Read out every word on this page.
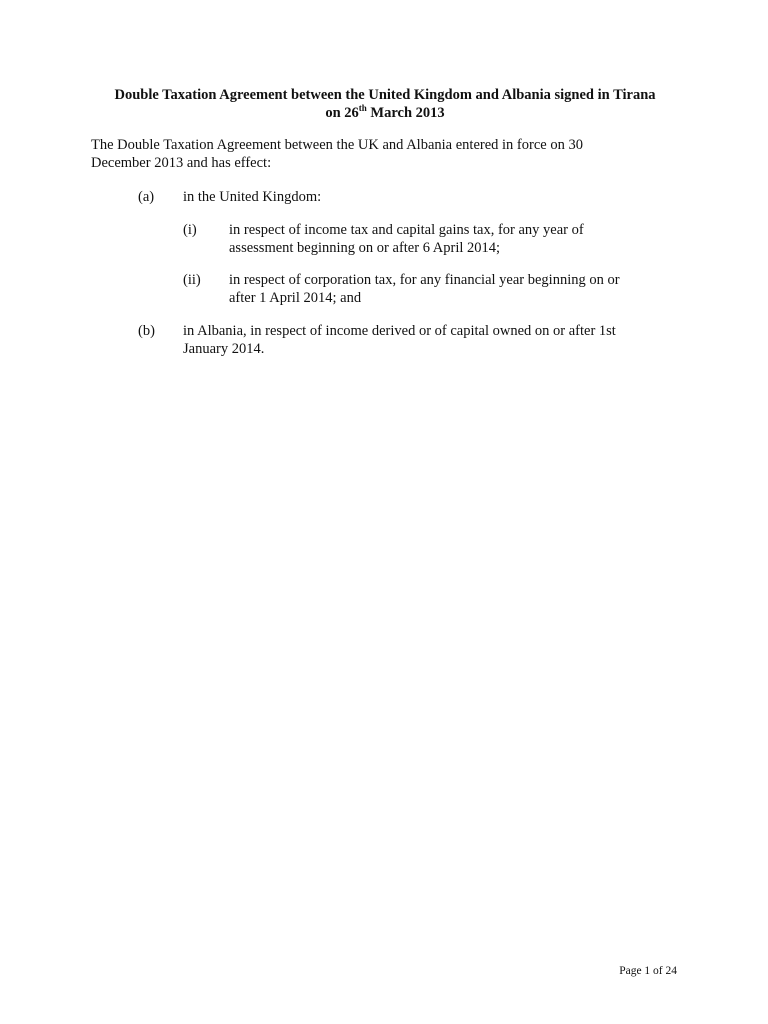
Double Taxation Agreement between the United Kingdom and Albania signed in Tirana
on 26th March 2013
The Double Taxation Agreement between the UK and Albania entered in force on 30
December 2013 and has effect:
(a) in the United Kingdom:
(i) in respect of income tax and capital gains tax, for any year of
assessment beginning on or after 6 April 2014;
(ii) in respect of corporation tax, for any financial year beginning on or
after 1 April 2014; and
(b) in Albania, in respect of income derived or of capital owned on or after 1st
January 2014.
Page 1 of 24
